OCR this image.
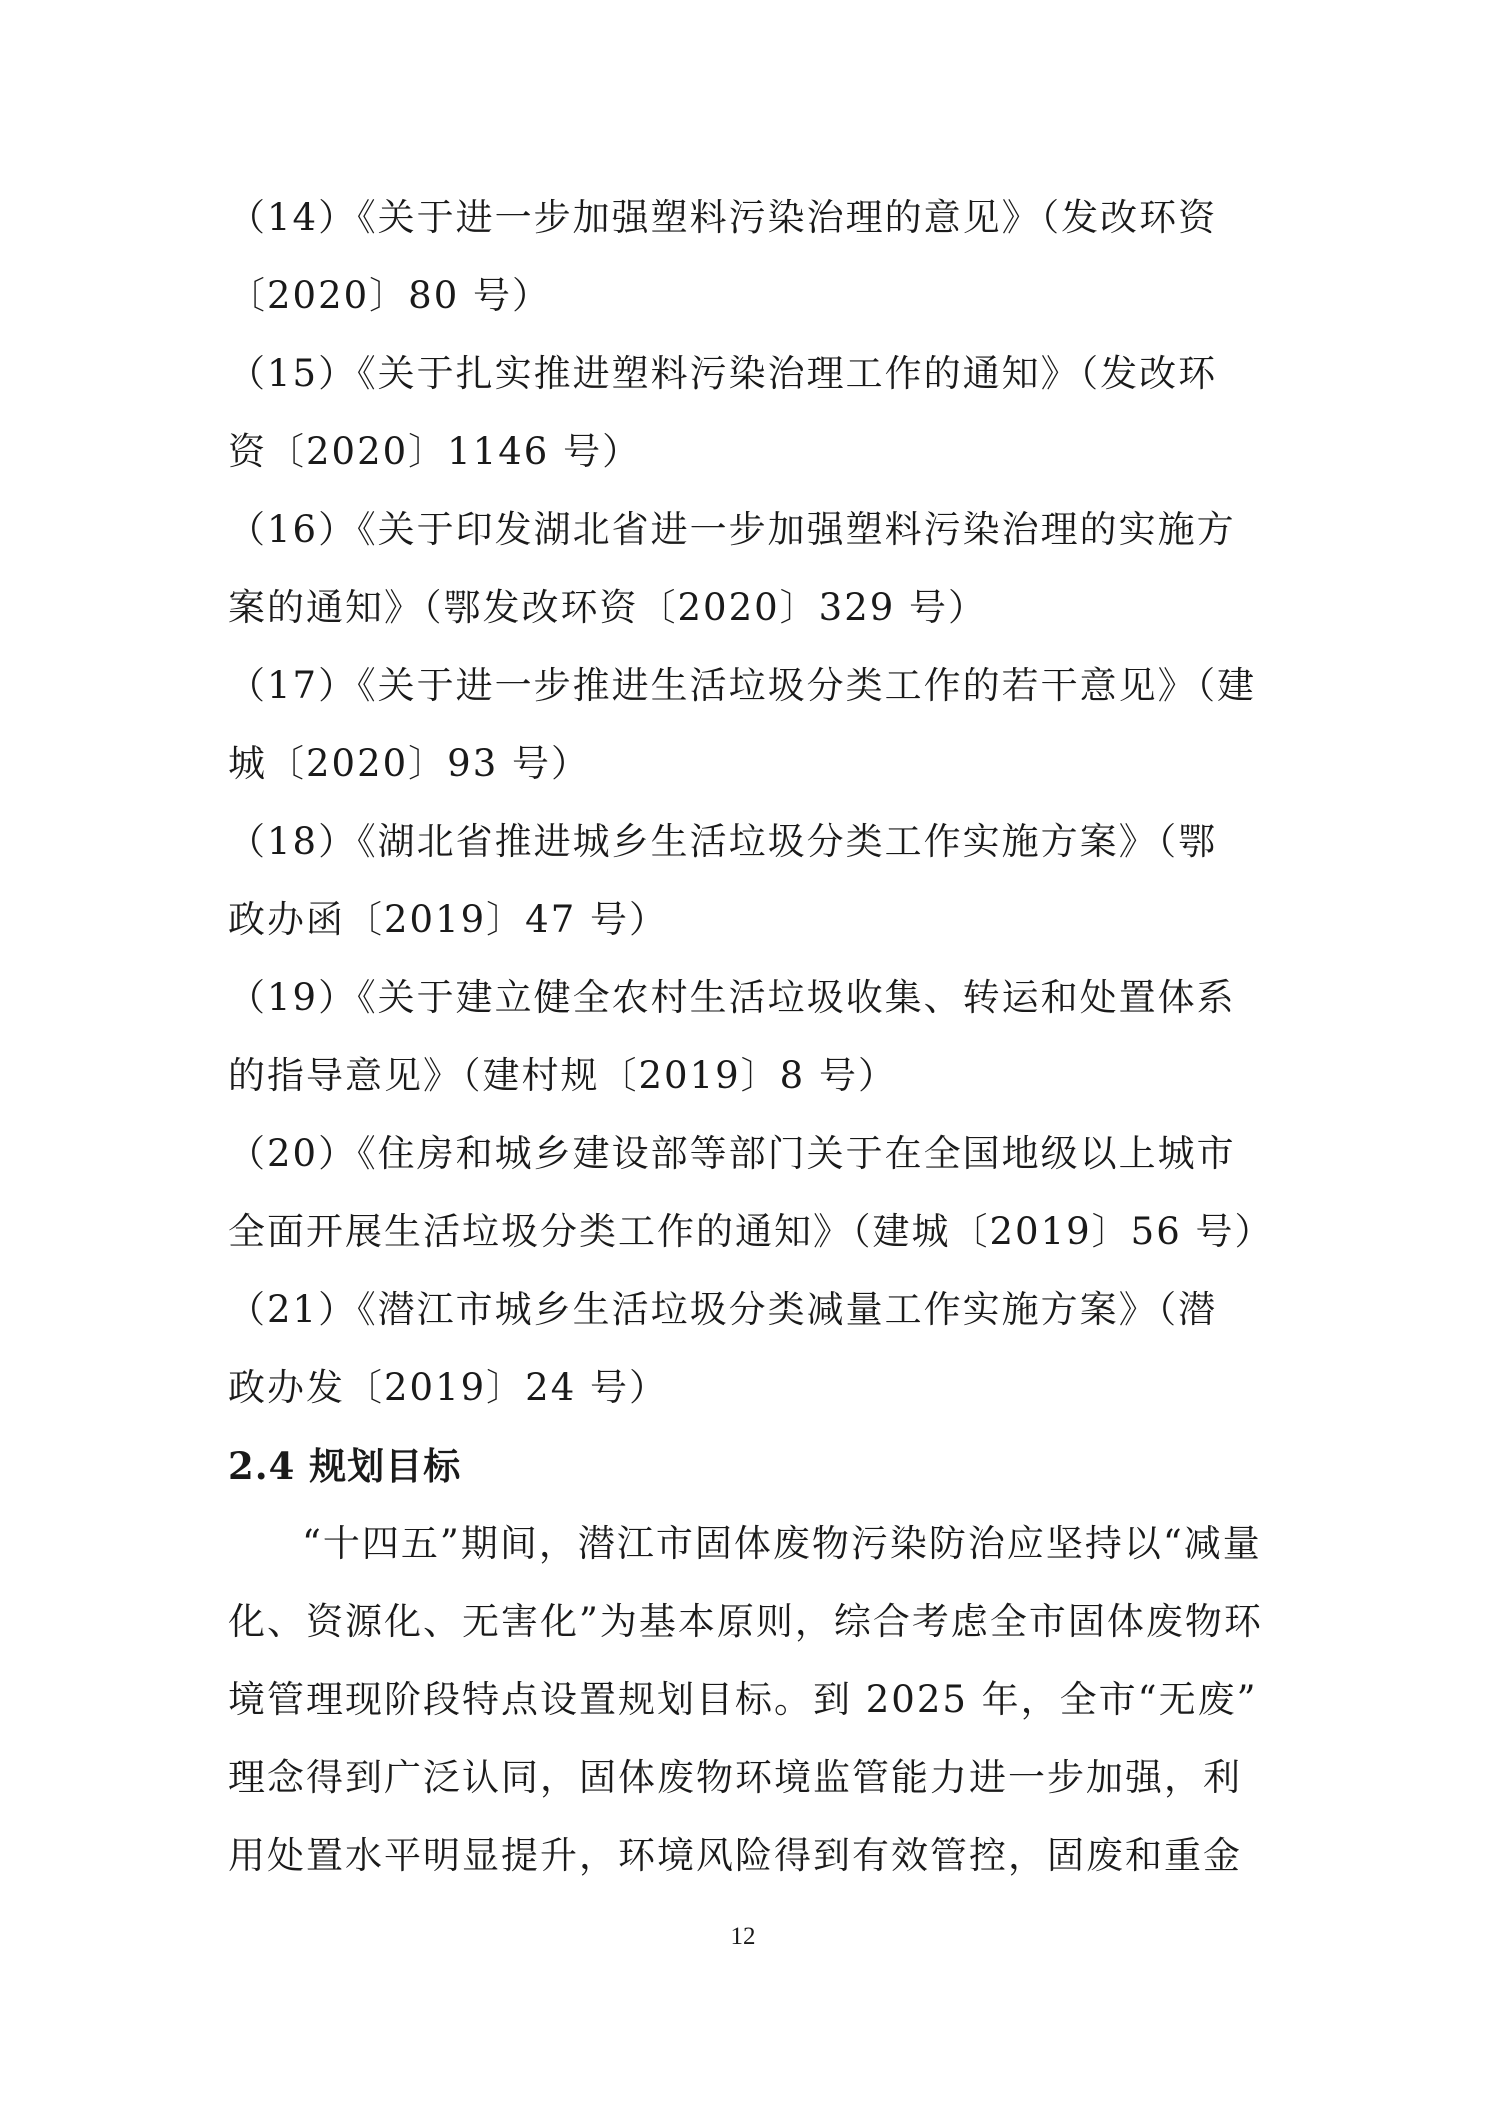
（14）《关于进一步加强塑料污染治理的意见》（发改环资
〔2020〕80 号）
（15）《关于扎实推进塑料污染治理工作的通知》（发改环
资〔2020〕1146 号）
（16）《关于印发湖北省进一步加强塑料污染治理的实施方
案的通知》（鄂发改环资〔2020〕329 号）
（17）《关于进一步推进生活垃圾分类工作的若干意见》（建
城〔2020〕93 号）
（18）《湖北省推进城乡生活垃圾分类工作实施方案》（鄂
政办函〔2019〕47 号）
（19）《关于建立健全农村生活垃圾收集、转运和处置体系
的指导意见》（建村规〔2019〕8 号）
（20）《住房和城乡建设部等部门关于在全国地级以上城市
全面开展生活垃圾分类工作的通知》（建城〔2019〕56 号）
（21）《潜江市城乡生活垃圾分类减量工作实施方案》（潜
政办发〔2019〕24 号）
2.4 规划目标
“十四五”期间，潜江市固体废物污染防治应坚持以“减量
化、资源化、无害化”为基本原则，综合考虑全市固体废物环
境管理现阶段特点设置规划目标。到 2025 年，全市“无废”
理念得到广泛认同，固体废物环境监管能力进一步加强，利
用处置水平明显提升，环境风险得到有效管控，固废和重金
12
